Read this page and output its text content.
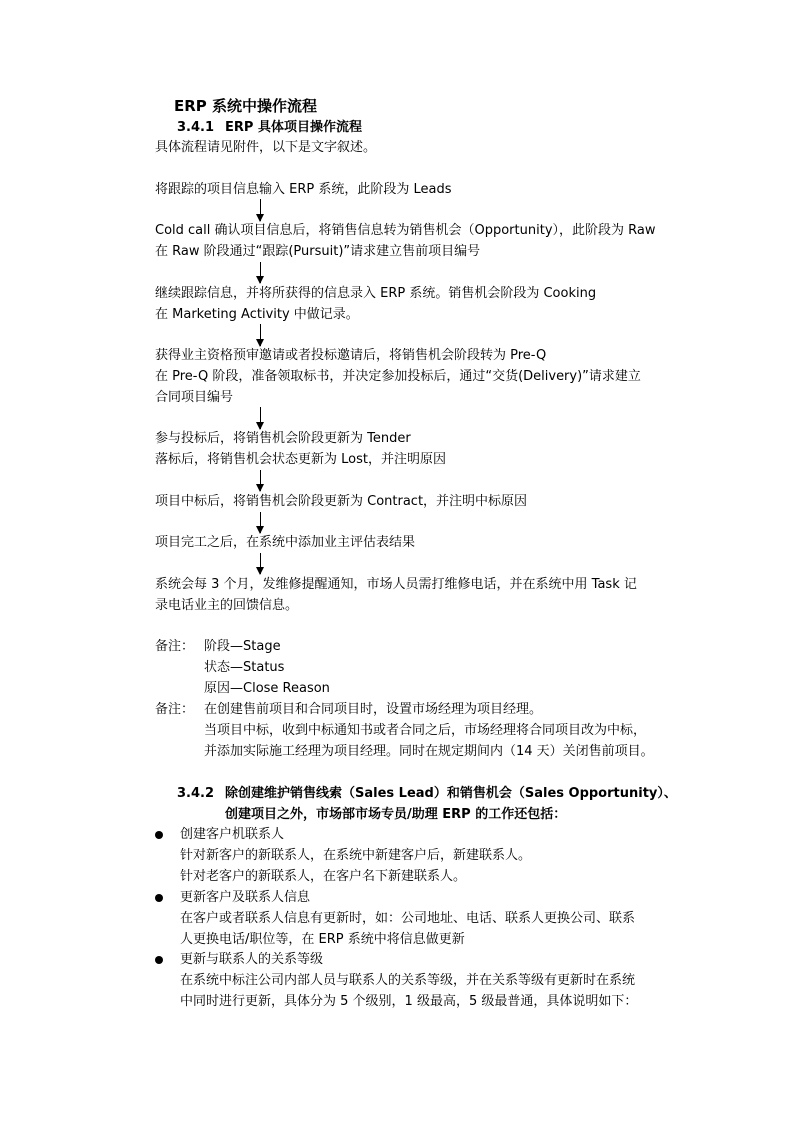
ERP 系统中操作流程
3.4.1 ERP 具体项目操作流程
具体流程请见附件，以下是文字叙述。
将跟踪的项目信息输入 ERP 系统，此阶段为 Leads
Cold call 确认项目信息后，将销售信息转为销售机会（Opportunity），此阶段为 Raw
在 Raw 阶段通过“跟踪(Pursuit)”请求建立售前项目编号
继续跟踪信息，并将所获得的信息录入 ERP 系统。销售机会阶段为 Cooking
在 Marketing Activity 中做记录。
获得业主资格预审邀请或者投标邀请后，将销售机会阶段转为 Pre-Q
在 Pre-Q 阶段，准备领取标书，并决定参加投标后，通过“交货(Delivery)”请求建立
合同项目编号
参与投标后，将销售机会阶段更新为 Tender
落标后，将销售机会状态更新为 Lost，并注明原因
项目中标后，将销售机会阶段更新为 Contract，并注明中标原因
项目完工之后，在系统中添加业主评估表结果
系统会每 3 个月，发维修提醒通知，市场人员需打维修电话，并在系统中用 Task 记
录电话业主的回馈信息。
备注： 阶段—Stage
状态—Status
原因—Close Reason
备注： 在创建售前项目和合同项目时，设置市场经理为项目经理。
当项目中标，收到中标通知书或者合同之后，市场经理将合同项目改为中标，
并添加实际施工经理为项目经理。同时在规定期间内（14 天）关闭售前项目。
3.4.2 除创建维护销售线索（Sales Lead）和销售机会（Sales Opportunity）、
创建项目之外，市场部市场专员/助理 ERP 的工作还包括：
创建客户机联系人
针对新客户的新联系人，在系统中新建客户后，新建联系人。
针对老客户的新联系人，在客户名下新建联系人。
更新客户及联系人信息
在客户或者联系人信息有更新时，如：公司地址、电话、联系人更换公司、联系
人更换电话/职位等，在 ERP 系统中将信息做更新
更新与联系人的关系等级
在系统中标注公司内部人员与联系人的关系等级，并在关系等级有更新时在系统
中同时进行更新，具体分为 5 个级别，1 级最高，5 级最普通，具体说明如下：
